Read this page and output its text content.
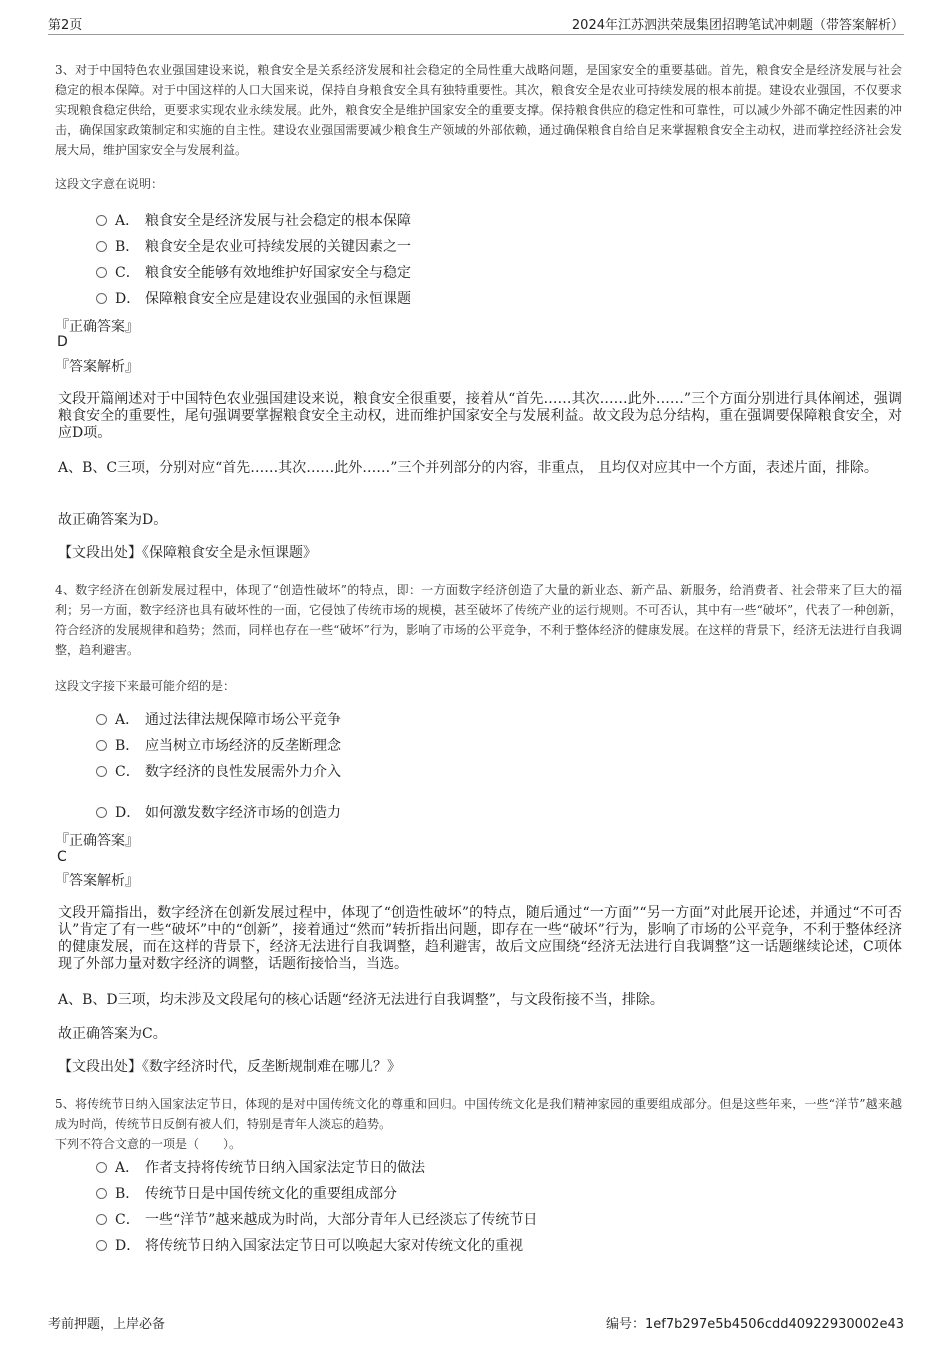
第2页	2024年江苏泗洪荣晟集团招聘笔试冲刺题（带答案解析）
3、对于中国特色农业强国建设来说，粮食安全是关系经济发展和社会稳定的全局性重大战略问题，是国家安全的重要基础。首先，粮食安全是经济发展与社会稳定的根本保障。对于中国这样的人口大国来说，保持自身粮食安全具有独特重要性。其次，粮食安全是农业可持续发展的根本前提。建设农业强国，不仅要求实现粮食稳定供给，更要求实现农业永续发展。此外，粮食安全是维护国家安全的重要支撑。保持粮食供应的稳定性和可靠性，可以减少外部不确定性因素的冲击，确保国家政策制定和实施的自主性。建设农业强国需要减少粮食生产领域的外部依赖，通过确保粮食自给自足来掌握粮食安全主动权，进而掌控经济社会发展大局，维护国家安全与发展利益。
这段文字意在说明：
A． 粮食安全是经济发展与社会稳定的根本保障
B． 粮食安全是农业可持续发展的关键因素之一
C． 粮食安全能够有效地维护好国家安全与稳定
D． 保障粮食安全应是建设农业强国的永恒课题
『正确答案』
D
『答案解析』
文段开篇阐述对于中国特色农业强国建设来说，粮食安全很重要，接着从“首先……其次……此外……”三个方面分别进行具体阐述，强调粮食安全的重要性，尾句强调要掌握粮食安全主动权，进而维护国家安全与发展利益。故文段为总分结构，重在强调要保障粮食安全，对应D项。
A、B、C三项，分别对应“首先……其次……此外……”三个并列部分的内容，非重点， 且均仅对应其中一个方面，表述片面，排除。
故正确答案为D。
【文段出处】《保障粮食安全是永恒课题》
4、数字经济在创新发展过程中，体现了“创造性破坏”的特点，即：一方面数字经济创造了大量的新业态、新产品、新服务，给消费者、社会带来了巨大的福利；另一方面，数字经济也具有破坏性的一面，它侵蚀了传统市场的规模，甚至破坏了传统产业的运行规则。不可否认，其中有一些“破坏”，代表了一种创新，符合经济的发展规律和趋势；然而，同样也存在一些“破坏”行为，影响了市场的公平竞争，不利于整体经济的健康发展。在这样的背景下，经济无法进行自我调整，趋利避害。
这段文字接下来最可能介绍的是：
A． 通过法律法规保障市场公平竞争
B． 应当树立市场经济的反垄断理念
C． 数字经济的良性发展需外力介入
D． 如何激发数字经济市场的创造力
『正确答案』
C
『答案解析』
文段开篇指出，数字经济在创新发展过程中，体现了“创造性破坏”的特点，随后通过“一方面”“另一方面”对此展开论述，并通过“不可否认”肯定了有一些“破坏”中的“创新”，接着通过“然而”转折指出问题，即存在一些“破坏”行为，影响了市场的公平竞争，不利于整体经济的健康发展，而在这样的背景下，经济无法进行自我调整，趋利避害，故后文应围绕“经济无法进行自我调整”这一话题继续论述，C项体现了外部力量对数字经济的调整，话题衔接恰当，当选。
A、B、D三项，均未涉及文段尾句的核心话题“经济无法进行自我调整”，与文段衔接不当，排除。
故正确答案为C。
【文段出处】《数字经济时代，反垄断规制难在哪儿？》
5、将传统节日纳入国家法定节日，体现的是对中国传统文化的尊重和回归。中国传统文化是我们精神家园的重要组成部分。但是这些年来，一些“洋节”越来越成为时尚，传统节日反倒有被人们，特别是青年人淡忘的趋势。
下列不符合文意的一项是（　　）。
A． 作者支持将传统节日纳入国家法定节日的做法
B． 传统节日是中国传统文化的重要组成部分
C． 一些“洋节”越来越成为时尚，大部分青年人已经淡忘了传统节日
D． 将传统节日纳入国家法定节日可以唤起大家对传统文化的重视
考前押题，上岸必备	编号：1ef7b297e5b4506cdd40922930002e43
